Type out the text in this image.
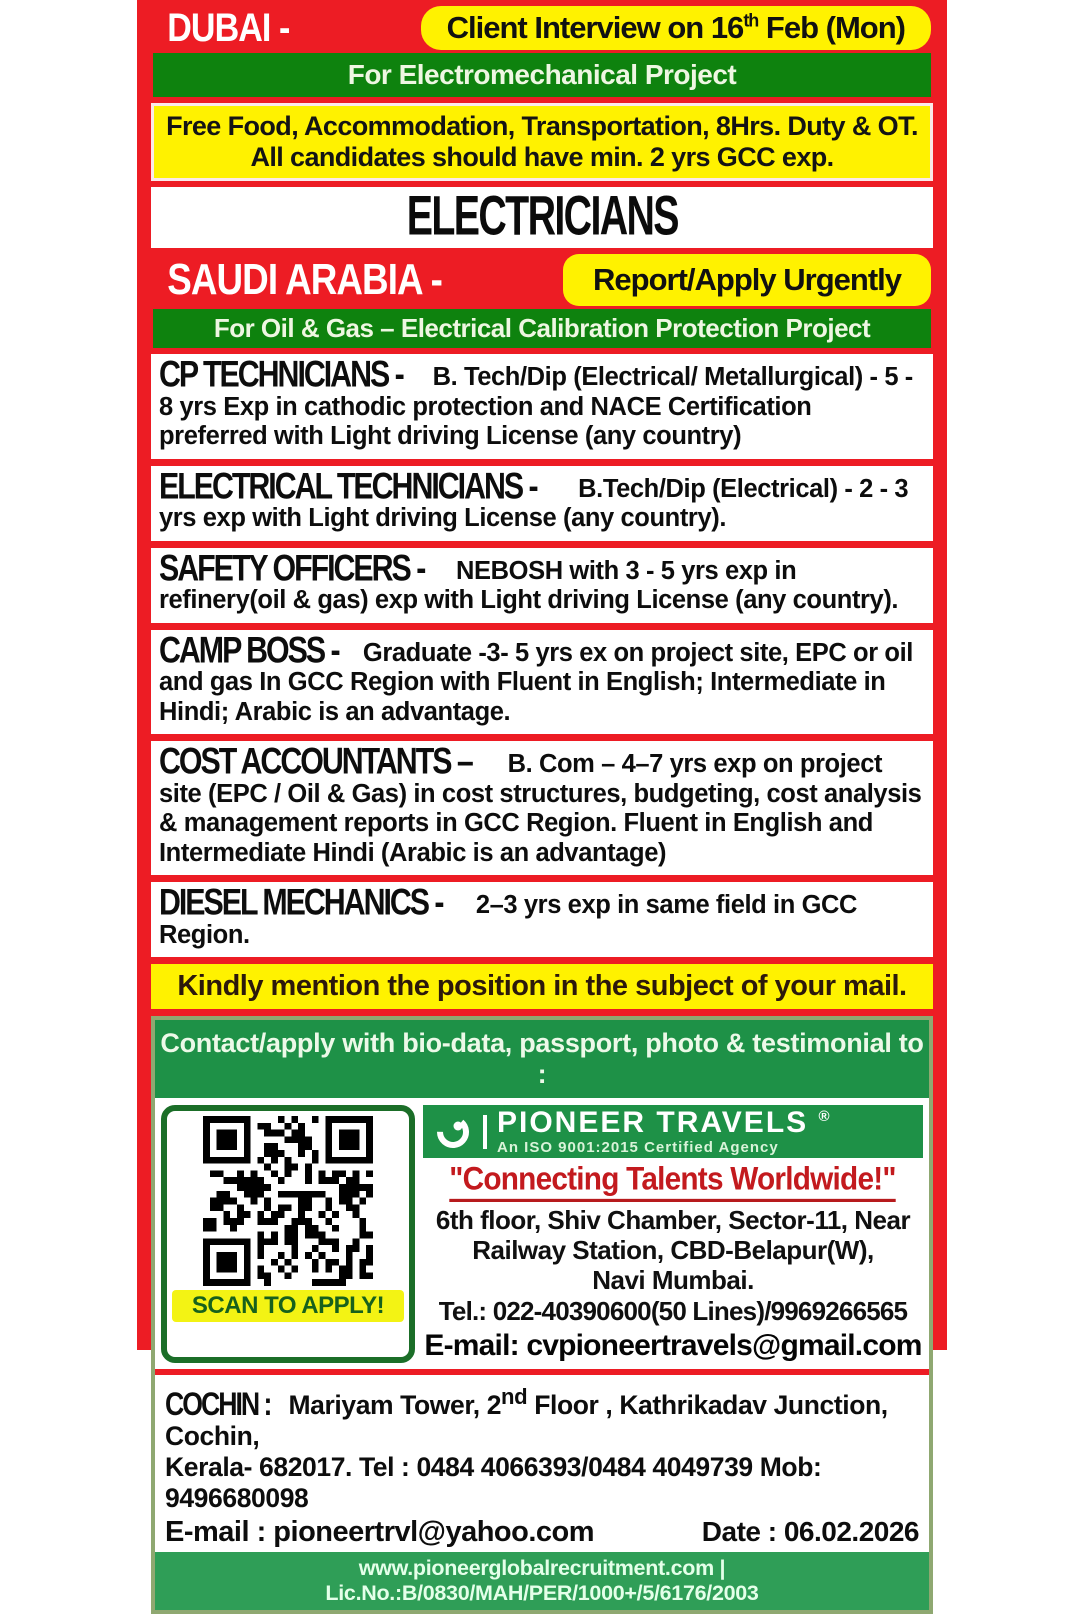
DUBAI -	Client Interview on 16th Feb (Mon)
For Electromechanical Project
Free Food, Accommodation, Transportation, 8Hrs. Duty & OT.
All candidates should have min. 2 yrs GCC exp.
ELECTRICIANS
SAUDI ARABIA -	Report/Apply Urgently
For Oil & Gas – Electrical Calibration Protection Project
CP TECHNICIANS - B. Tech/Dip (Electrical/ Metallurgical) - 5 - 8 yrs Exp in cathodic protection and NACE Certification preferred with Light driving License (any country)
ELECTRICAL TECHNICIANS - B.Tech/Dip (Electrical) - 2 - 3 yrs exp with Light driving License (any country).
SAFETY OFFICERS - NEBOSH with 3 - 5 yrs exp in refinery(oil & gas) exp with Light driving License (any country).
CAMP BOSS - Graduate -3- 5 yrs ex on project site, EPC or oil and gas In GCC Region with Fluent in English; Intermediate in Hindi; Arabic is an advantage.
COST ACCOUNTANTS – B. Com – 4–7 yrs exp on project site (EPC / Oil & Gas) in cost structures, budgeting, cost analysis & management reports in GCC Region. Fluent in English and Intermediate Hindi (Arabic is an advantage)
DIESEL MECHANICS - 2–3 yrs exp in same field in GCC Region.
Kindly mention the position in the subject of your mail.
Contact/apply with bio-data, passport, photo & testimonial to :
SCAN TO APPLY!
PIONEER TRAVELS ®
An ISO 9001:2015 Certified Agency
"Connecting Talents Worldwide!"
6th floor, Shiv Chamber, Sector-11, Near
Railway Station, CBD-Belapur(W),
Navi Mumbai.
Tel.: 022-40390600(50 Lines)/9969266565
E-mail: cvpioneertravels@gmail.com
COCHIN : Mariyam Tower, 2nd Floor , Kathrikadav Junction, Cochin,
Kerala- 682017. Tel : 0484 4066393/0484 4049739 Mob: 9496680098
E-mail : pioneertrvl@yahoo.com	Date : 06.02.2026
www.pioneerglobalrecruitment.com | Lic.No.:B/0830/MAH/PER/1000+/5/6176/2003
